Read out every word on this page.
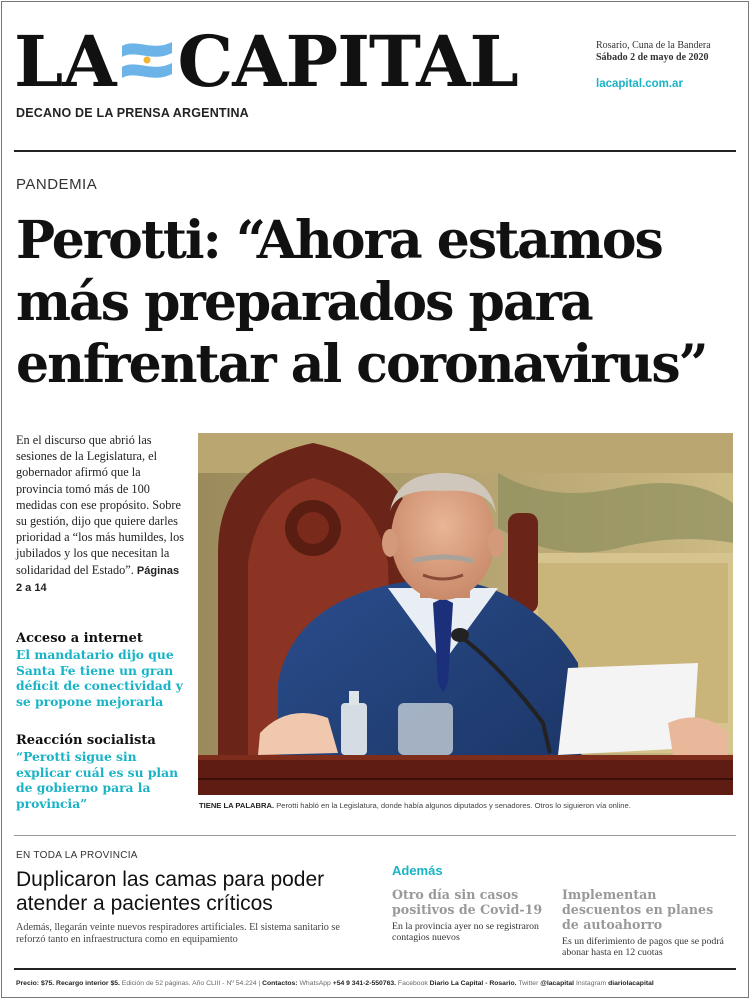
LA CAPITAL
DECANO DE LA PRENSA ARGENTINA
Rosario, Cuna de la Bandera
Sábado 2 de mayo de 2020
lacapital.com.ar
PANDEMIA
Perotti: “Ahora estamos más preparados para enfrentar al coronavirus”
En el discurso que abrió las sesiones de la Legislatura, el gobernador afirmó que la provincia tomó más de 100 medidas con ese propósito. Sobre su gestión, dijo que quiere darles prioridad a “los más humildes, los jubilados y los que necesitan la solidaridad del Estado”. Páginas 2 a 14
Acceso a internet

El mandatario dijo que Santa Fe tiene un gran déficit de conectividad y se propone mejorarla

Reacción socialista

“Perotti sigue sin explicar cuál es su plan de gobierno para la provincia”	TIENE LA PALABRA. Perotti habló en la Legislatura, donde había algunos diputados y senadores. Otros lo siguieron vía online.
EN TODA LA PROVINCIA
Duplicaron las camas para poder atender a pacientes críticos
Además, llegarán veinte nuevos respiradores artificiales. El sistema sanitario se reforzó tanto en infraestructura como en equipamiento
Además
Otro día sin casos positivos de Covid-19

En la provincia ayer no se registraron contagios nuevos

Implementan descuentos en planes de autoahorro

Es un diferimiento de pagos que se podrá abonar hasta en 12 cuotas

Precio: $75. Recargo interior $5. Edición de 52 páginas. Año CLIII - Nº 54.224 | Contactos: WhatsApp +54 9 341-2-550763. Facebook Diario La Capital - Rosario. Twitter @lacapital Instagram diariolacapital
